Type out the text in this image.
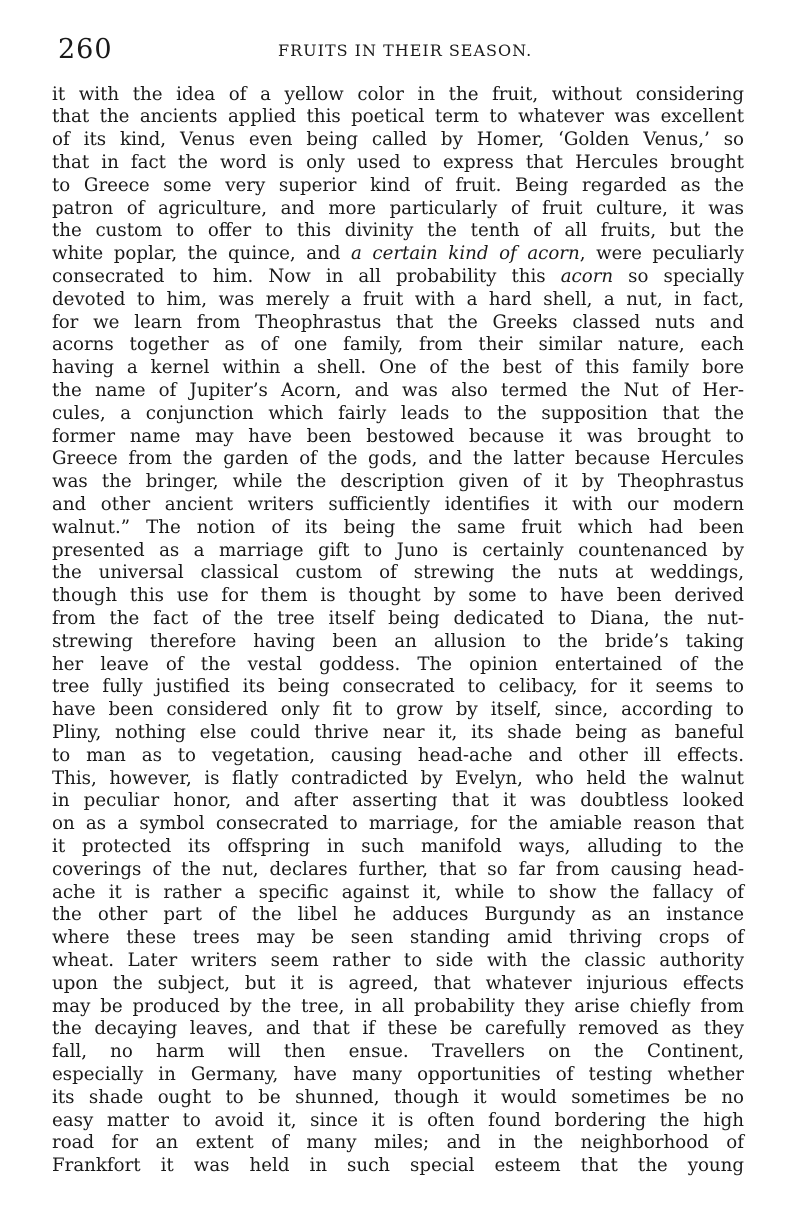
260	FRUITS IN THEIR SEASON.
it with the idea of a yellow color in the fruit, without considering
that the ancients applied this poetical term to whatever was excellent
of its kind, Venus even being called by Homer, ‘Golden Venus,’ so
that in fact the word is only used to express that Hercules brought
to Greece some very superior kind of fruit. Being regarded as the
patron of agriculture, and more particularly of fruit culture, it was
the custom to offer to this divinity the tenth of all fruits, but the
white poplar, the quince, and a certain kind of acorn, were peculiarly
consecrated to him. Now in all probability this acorn so specially
devoted to him, was merely a fruit with a hard shell, a nut, in fact,
for we learn from Theophrastus that the Greeks classed nuts and
acorns together as of one family, from their similar nature, each
having a kernel within a shell. One of the best of this family bore
the name of Jupiter’s Acorn, and was also termed the Nut of Her-
cules, a conjunction which fairly leads to the supposition that the
former name may have been bestowed because it was brought to
Greece from the garden of the gods, and the latter because Hercules
was the bringer, while the description given of it by Theophrastus
and other ancient writers sufficiently identifies it with our modern
walnut.” The notion of its being the same fruit which had been
presented as a marriage gift to Juno is certainly countenanced by
the universal classical custom of strewing the nuts at weddings,
though this use for them is thought by some to have been derived
from the fact of the tree itself being dedicated to Diana, the nut-
strewing therefore having been an allusion to the bride’s taking
her leave of the vestal goddess. The opinion entertained of the
tree fully justified its being consecrated to celibacy, for it seems to
have been considered only fit to grow by itself, since, according to
Pliny, nothing else could thrive near it, its shade being as baneful
to man as to vegetation, causing head-ache and other ill effects.
This, however, is flatly contradicted by Evelyn, who held the walnut
in peculiar honor, and after asserting that it was doubtless looked
on as a symbol consecrated to marriage, for the amiable reason that
it protected its offspring in such manifold ways, alluding to the
coverings of the nut, declares further, that so far from causing head-
ache it is rather a specific against it, while to show the fallacy of
the other part of the libel he adduces Burgundy as an instance
where these trees may be seen standing amid thriving crops of
wheat. Later writers seem rather to side with the classic authority
upon the subject, but it is agreed, that whatever injurious effects
may be produced by the tree, in all probability they arise chiefly from
the decaying leaves, and that if these be carefully removed as they
fall, no harm will then ensue. Travellers on the Continent,
especially in Germany, have many opportunities of testing whether
its shade ought to be shunned, though it would sometimes be no
easy matter to avoid it, since it is often found bordering the high
road for an extent of many miles; and in the neighborhood of
Frankfort it was held in such special esteem that the young
